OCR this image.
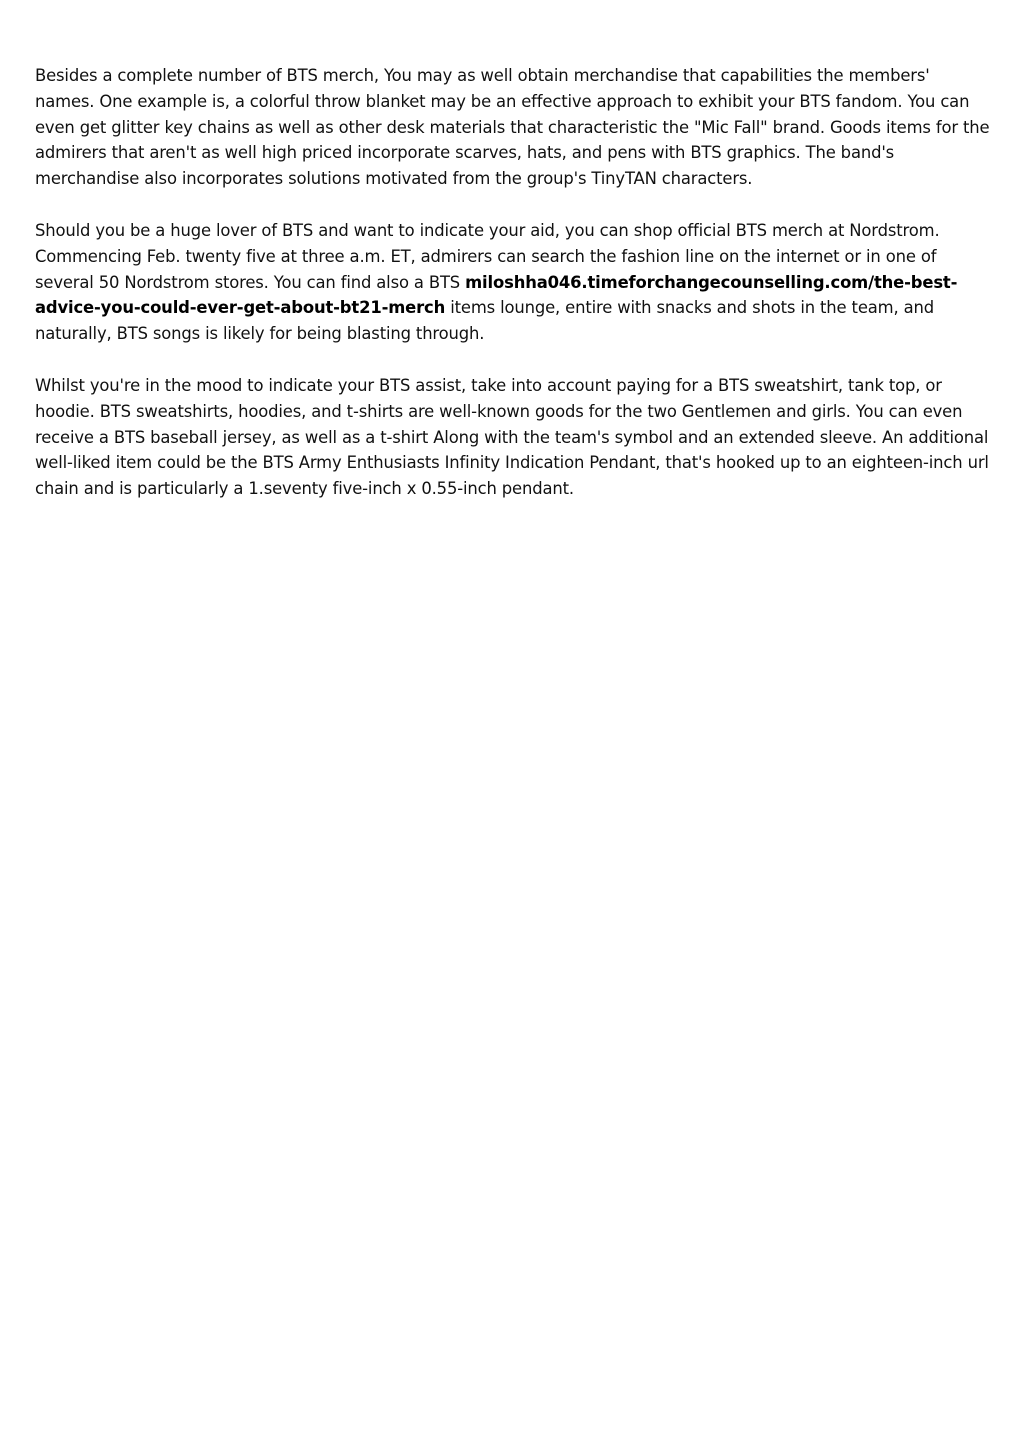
Besides a complete number of BTS merch, You may as well obtain merchandise that capabilities the members' names. One example is, a colorful throw blanket may be an effective approach to exhibit your BTS fandom. You can even get glitter key chains as well as other desk materials that characteristic the "Mic Fall" brand. Goods items for the admirers that aren't as well high priced incorporate scarves, hats, and pens with BTS graphics. The band's merchandise also incorporates solutions motivated from the group's TinyTAN characters.

Should you be a huge lover of BTS and want to indicate your aid, you can shop official BTS merch at Nordstrom. Commencing Feb. twenty five at three a.m. ET, admirers can search the fashion line on the internet or in one of several 50 Nordstrom stores. You can find also a BTS miloshha046.timeforchangecounselling.com/the-best-advice-you-could-ever-get-about-bt21-merch items lounge, entire with snacks and shots in the team, and naturally, BTS songs is likely for being blasting through.

Whilst you're in the mood to indicate your BTS assist, take into account paying for a BTS sweatshirt, tank top, or hoodie. BTS sweatshirts, hoodies, and t-shirts are well-known goods for the two Gentlemen and girls. You can even receive a BTS baseball jersey, as well as a t-shirt Along with the team's symbol and an extended sleeve. An additional well-liked item could be the BTS Army Enthusiasts Infinity Indication Pendant, that's hooked up to an eighteen-inch url chain and is particularly a 1.seventy five-inch x 0.55-inch pendant.
